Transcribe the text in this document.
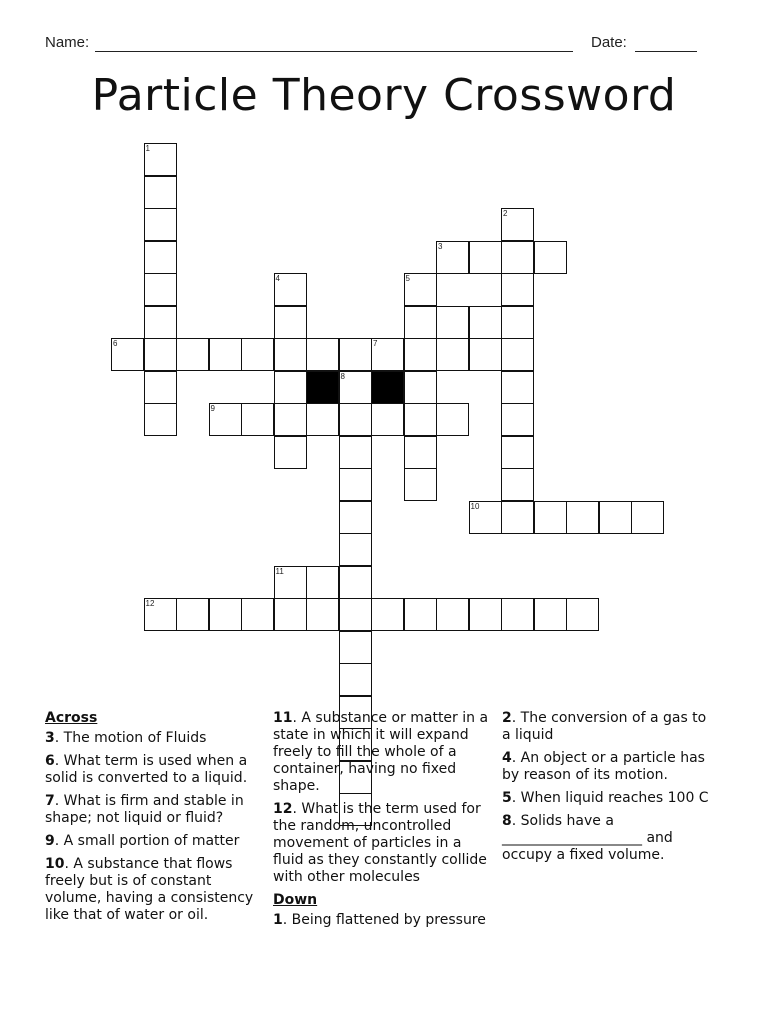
Name:	Date:
Particle Theory Crossword
1
2
3
4	5
6	7
8
9
10
11
12
Across
3. The motion of Fluids
6. What term is used when a solid is converted to a liquid.
7. What is firm and stable in shape; not liquid or fluid?
9. A small portion of matter
10. A substance that flows freely but is of constant volume, having a consistency like that of water or oil.
11. A substance or matter in a state in which it will expand freely to fill the whole of a container, having no fixed shape.
12. What is the term used for the random, uncontrolled movement of particles in a fluid as they constantly collide with other molecules
Down
1. Being flattened by pressure
2. The conversion of a gas to a liquid
4. An object or a particle has by reason of its motion.
5. When liquid reaches 100 C
8. Solids have a ____________________ and occupy a fixed volume.
